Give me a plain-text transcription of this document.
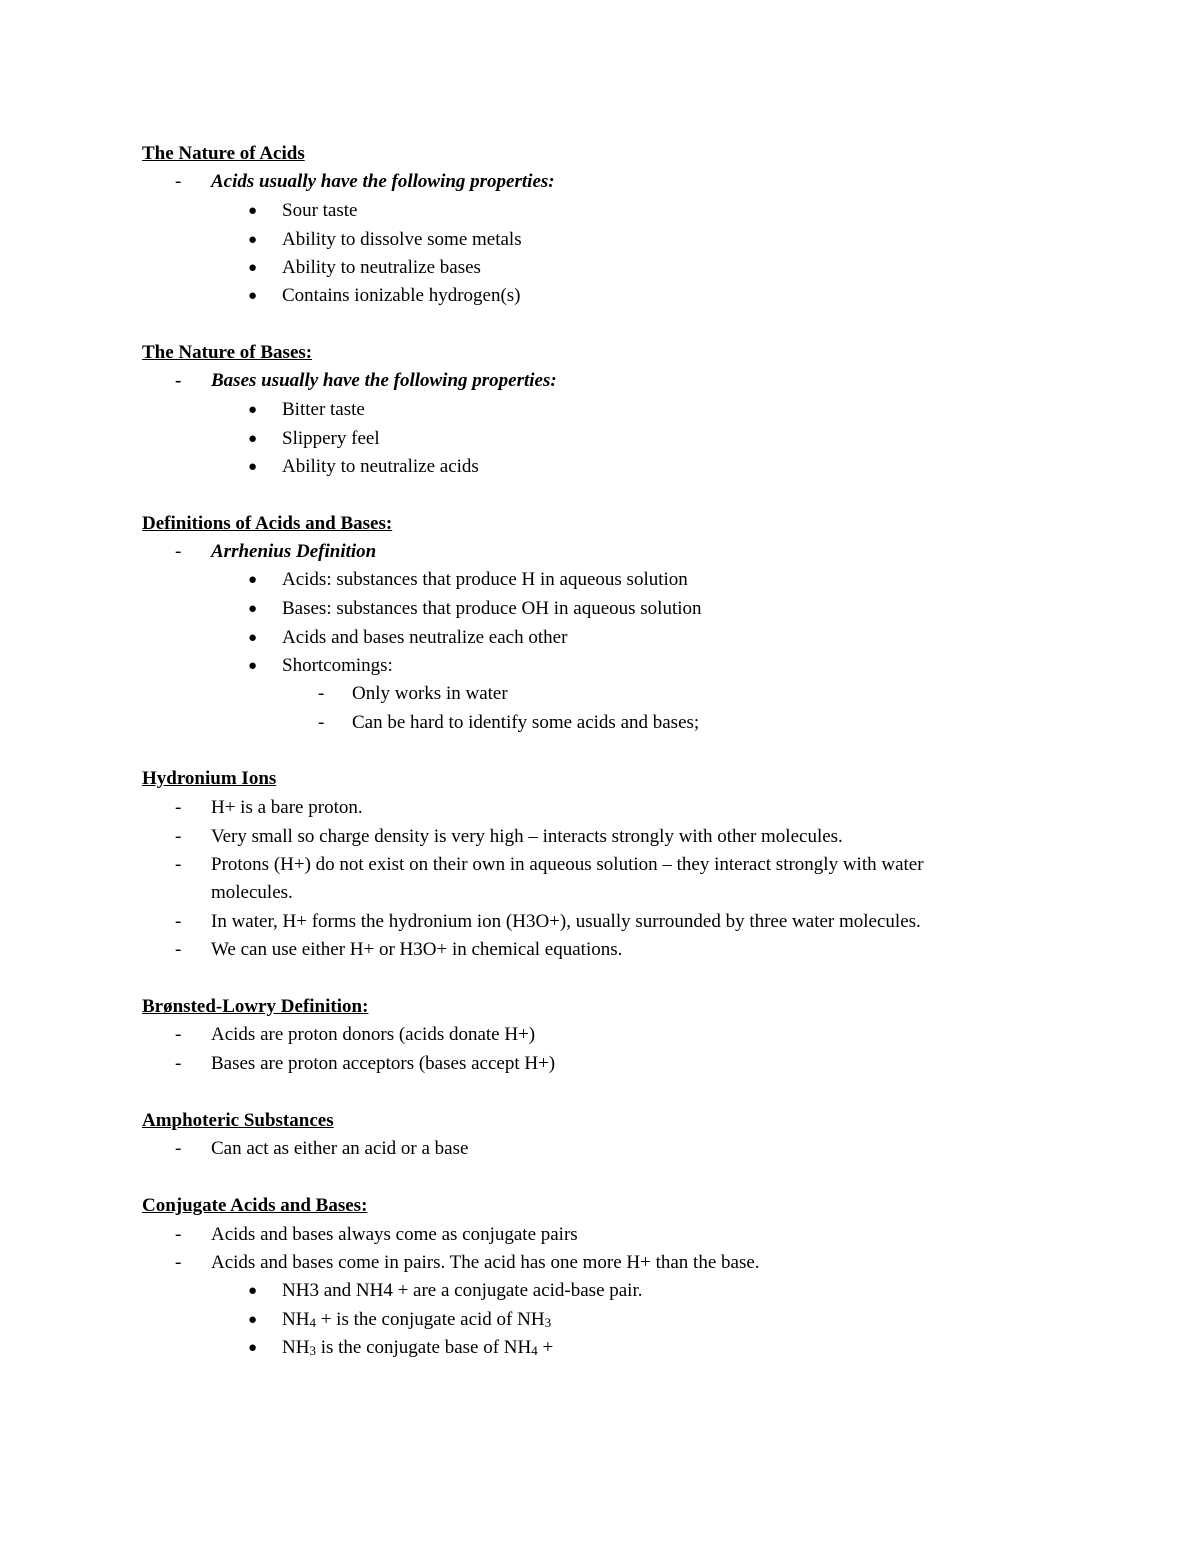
The Nature of Acids
- Acids usually have the following properties:
● Sour taste
● Ability to dissolve some metals
● Ability to neutralize bases
● Contains ionizable hydrogen(s)
The Nature of Bases:
- Bases usually have the following properties:
● Bitter taste
● Slippery feel
● Ability to neutralize acids
Definitions of Acids and Bases:
- Arrhenius Definition
● Acids: substances that produce H in aqueous solution
● Bases: substances that produce OH in aqueous solution
● Acids and bases neutralize each other
● Shortcomings:
- Only works in water
- Can be hard to identify some acids and bases;
Hydronium Ions
- H+ is a bare proton.
- Very small so charge density is very high – interacts strongly with other molecules.
- Protons (H+) do not exist on their own in aqueous solution – they interact strongly with water
molecules.
- In water, H+ forms the hydronium ion (H3O+), usually surrounded by three water molecules.
- We can use either H+ or H3O+ in chemical equations.
Brønsted-Lowry Definition:
- Acids are proton donors (acids donate H+)
- Bases are proton acceptors (bases accept H+)
Amphoteric Substances
- Can act as either an acid or a base
Conjugate Acids and Bases:
- Acids and bases always come as conjugate pairs
- Acids and bases come in pairs. The acid has one more H+ than the base.
● NH3 and NH4 + are a conjugate acid-base pair.
● NH4 + is the conjugate acid of NH3
● NH3 is the conjugate base of NH4 +
